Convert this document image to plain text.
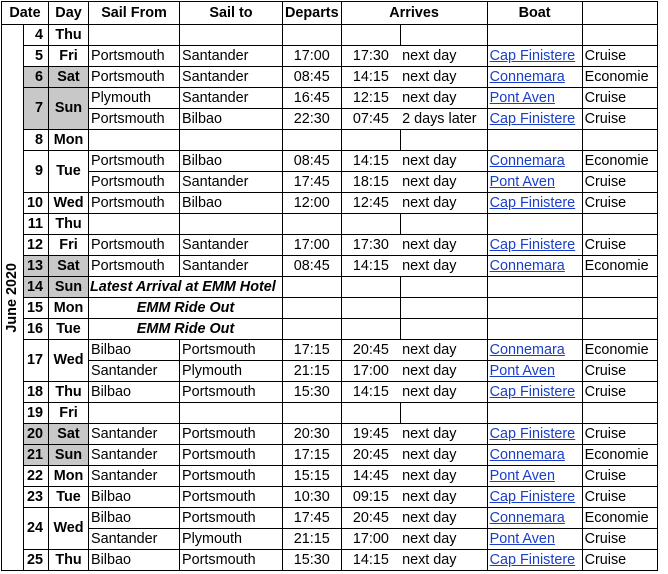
Date		Day	Sail From	Sail to	Departs	Arrives		Boat	

June 2020	4	Thu							
	5	Fri	Portsmouth	Santander	17:00	17:30	next day	Cap Finistere	Cruise
	6	Sat	Portsmouth	Santander	08:45	14:15	next day	Connemara	Economie
	7	Sun	Plymouth	Santander	16:45	12:15	next day	Pont Aven	Cruise
			Portsmouth	Bilbao	22:30	07:45	2 days later	Cap Finistere	Cruise
	8	Mon							
	9	Tue	Portsmouth	Bilbao	08:45	14:15	next day	Connemara	Economie
			Portsmouth	Santander	17:45	18:15	next day	Pont Aven	Cruise
	10	Wed	Portsmouth	Bilbao	12:00	12:45	next day	Cap Finistere	Cruise
	11	Thu							
	12	Fri	Portsmouth	Santander	17:00	17:30	next day	Cap Finistere	Cruise
	13	Sat	Portsmouth	Santander	08:45	14:15	next day	Connemara	Economie
	14	Sun	Latest Arrival at EMM Hotel						
	15	Mon	EMM Ride Out						
	16	Tue	EMM Ride Out						
	17	Wed	Bilbao	Portsmouth	17:15	20:45	next day	Connemara	Economie
			Santander	Plymouth	21:15	17:00	next day	Pont Aven	Cruise
	18	Thu	Bilbao	Portsmouth	15:30	14:15	next day	Cap Finistere	Cruise
	19	Fri							
	20	Sat	Santander	Portsmouth	20:30	19:45	next day	Cap Finistere	Cruise
	21	Sun	Santander	Portsmouth	17:15	20:45	next day	Connemara	Economie
	22	Mon	Santander	Portsmouth	15:15	14:45	next day	Pont Aven	Cruise
	23	Tue	Bilbao	Portsmouth	10:30	09:15	next day	Cap Finistere	Cruise
	24	Wed	Bilbao	Portsmouth	17:45	20:45	next day	Connemara	Economie
			Santander	Plymouth	21:15	17:00	next day	Pont Aven	Cruise
	25	Thu	Bilbao	Portsmouth	15:30	14:15	next day	Cap Finistere	Cruise
